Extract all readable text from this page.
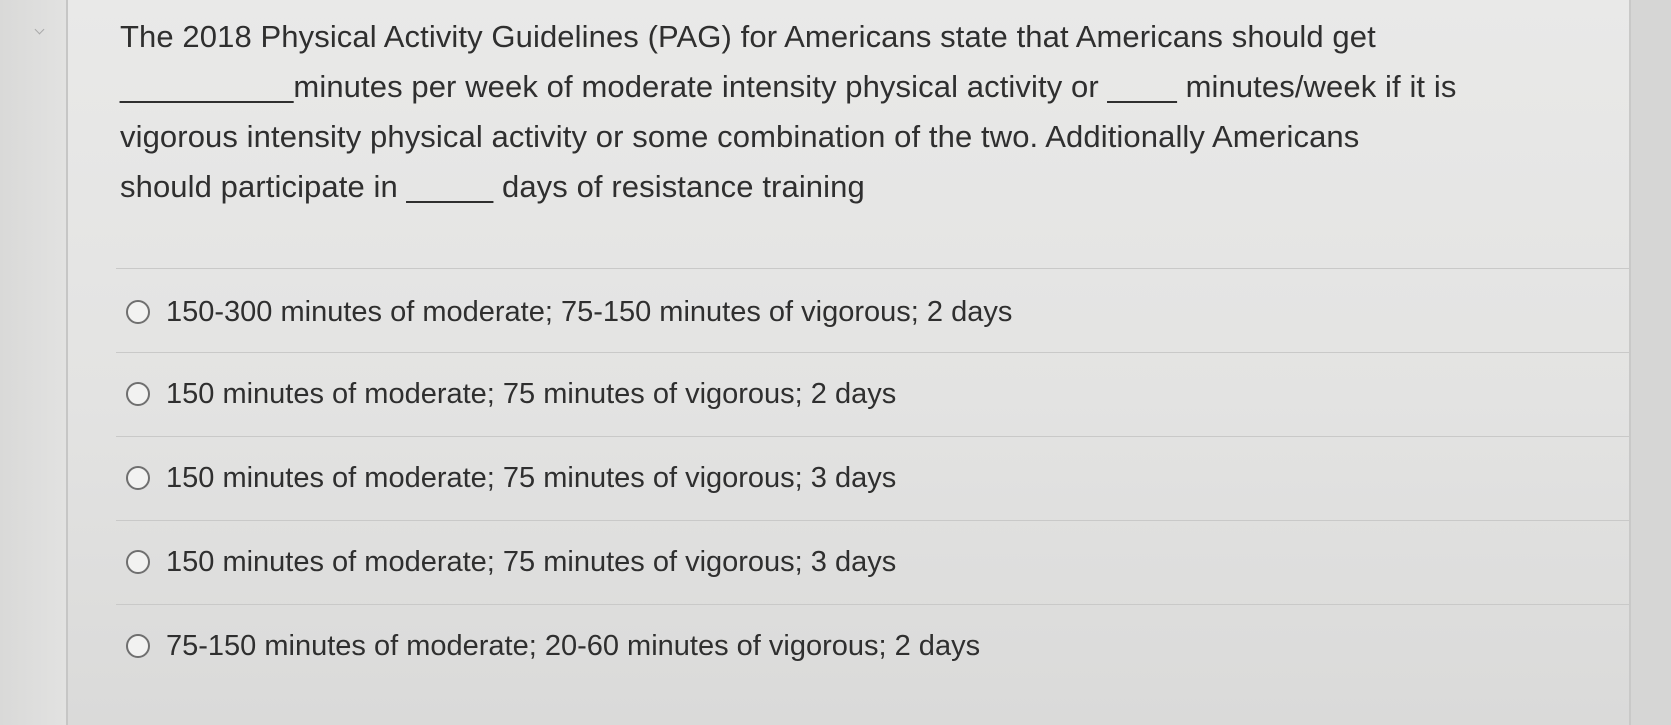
The 2018 Physical Activity Guidelines (PAG) for Americans state that Americans should get
__________minutes per week of moderate intensity physical activity or ____ minutes/week if it is
vigorous intensity physical activity or some combination of the two. Additionally Americans
should participate in _____ days of resistance training
150-300 minutes of moderate; 75-150 minutes of vigorous; 2 days
150 minutes of moderate; 75 minutes of vigorous; 2 days
150 minutes of moderate; 75 minutes of vigorous; 3 days
150 minutes of moderate; 75 minutes of vigorous; 3 days
75-150 minutes of moderate; 20-60 minutes of vigorous; 2 days
